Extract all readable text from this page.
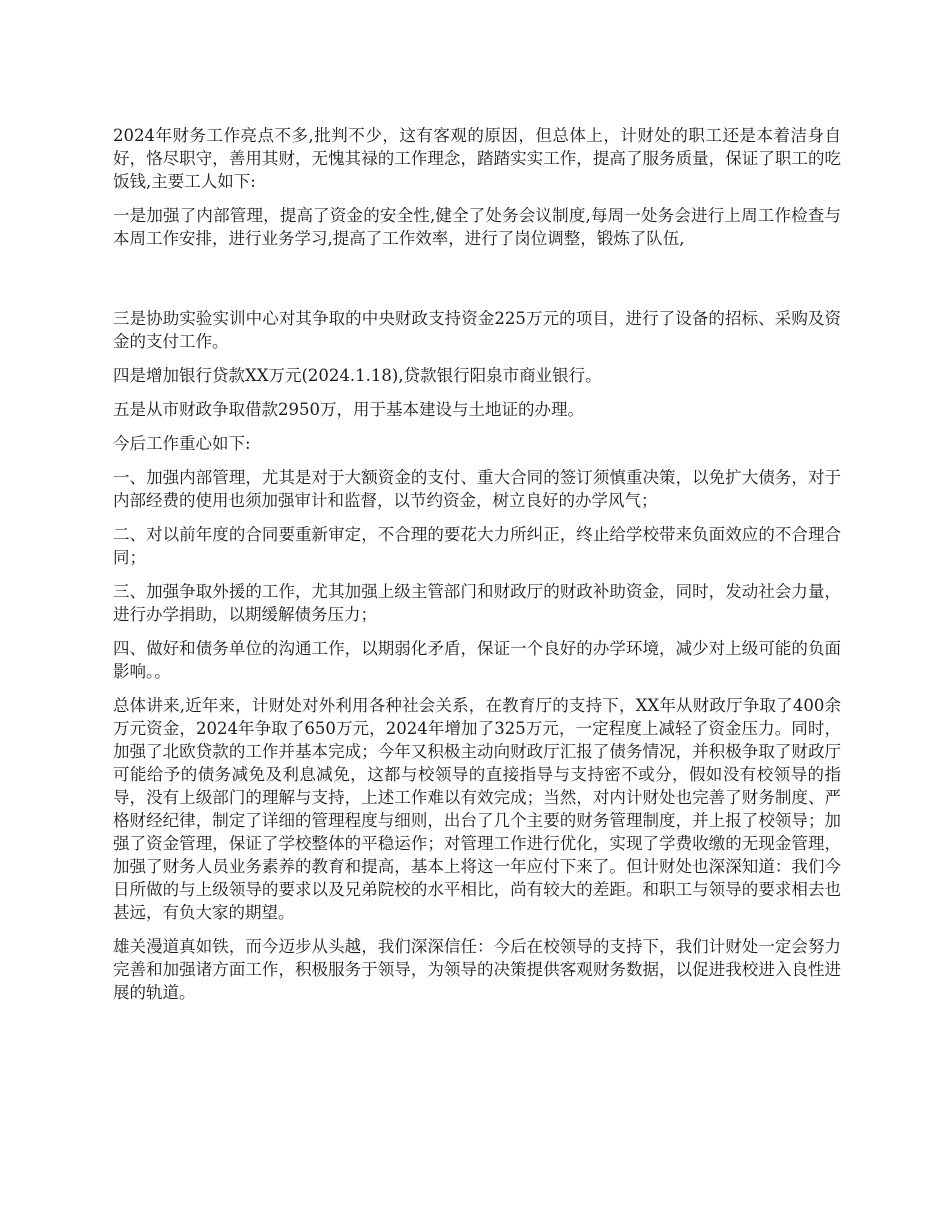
2024年财务工作亮点不多,批判不少，这有客观的原因，但总体上，计财处的职工还是本着洁身自好，恪尽职守，善用其财，无愧其禄的工作理念，踏踏实实工作，提高了服务质量，保证了职工的吃饭钱,主要工人如下:

一是加强了内部管理，提高了资金的安全性,健全了处务会议制度,每周一处务会进行上周工作检查与本周工作安排，进行业务学习,提高了工作效率，进行了岗位调整，锻炼了队伍,

三是协助实验实训中心对其争取的中央财政支持资金225万元的项目，进行了设备的招标、采购及资金的支付工作。

四是增加银行贷款XX万元(2024.1.18),贷款银行阳泉市商业银行。

五是从市财政争取借款2950万，用于基本建设与土地证的办理。

今后工作重心如下:

一、加强内部管理，尤其是对于大额资金的支付、重大合同的签订须慎重决策，以免扩大债务，对于内部经费的使用也须加强审计和监督，以节约资金，树立良好的办学风气；

二、对以前年度的合同要重新审定，不合理的要花大力所纠正，终止给学校带来负面效应的不合理合同；

三、加强争取外援的工作，尤其加强上级主管部门和财政厅的财政补助资金，同时，发动社会力量，进行办学捐助，以期缓解债务压力；

四、做好和债务单位的沟通工作，以期弱化矛盾，保证一个良好的办学环境，减少对上级可能的负面影响。。

总体讲来,近年来，计财处对外利用各种社会关系，在教育厅的支持下，XX年从财政厅争取了400余万元资金，2024年争取了650万元，2024年增加了325万元，一定程度上减轻了资金压力。同时，加强了北欧贷款的工作并基本完成；今年又积极主动向财政厅汇报了债务情况，并积极争取了财政厅可能给予的债务减免及利息减免，这都与校领导的直接指导与支持密不或分，假如没有校领导的指导，没有上级部门的理解与支持，上述工作难以有效完成；当然，对内计财处也完善了财务制度、严格财经纪律，制定了详细的管理程度与细则，出台了几个主要的财务管理制度，并上报了校领导；加强了资金管理，保证了学校整体的平稳运作；对管理工作进行优化，实现了学费收缴的无现金管理，加强了财务人员业务素养的教育和提高，基本上将这一年应付下来了。但计财处也深深知道：我们今日所做的与上级领导的要求以及兄弟院校的水平相比，尚有较大的差距。和职工与领导的要求相去也甚远，有负大家的期望。

雄关漫道真如铁，而今迈步从头越，我们深深信任：今后在校领导的支持下，我们计财处一定会努力完善和加强诸方面工作，积极服务于领导，为领导的决策提供客观财务数据，以促进我校进入良性进展的轨道。
